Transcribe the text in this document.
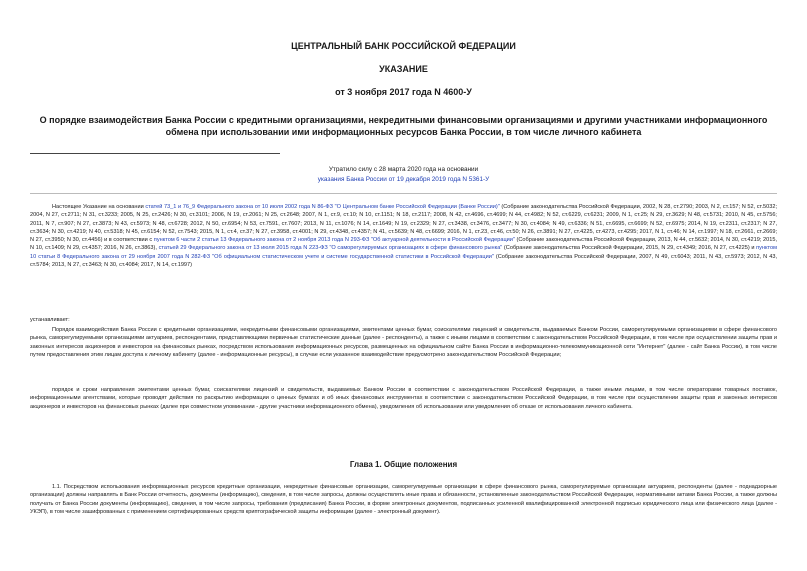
ЦЕНТРАЛЬНЫЙ БАНК РОССИЙСКОЙ ФЕДЕРАЦИИ
УКАЗАНИЕ
от 3 ноября 2017 года N 4600-У
О порядке взаимодействия Банка России с кредитными организациями, некредитными финансовыми организациями и другими участниками информационного обмена при использовании ими информационных ресурсов Банка России, в том числе личного кабинета
Утратило силу с 28 марта 2020 года на основании
указания Банка России от 19 декабря 2019 года N 5361-У
Настоящее Указание на основании статей 73_1 и 76_9 Федерального закона от 10 июля 2002 года N 86-ФЗ "О Центральном банке Российской Федерации (Банке России)" (Собрание законодательства Российской Федерации, 2002, N 28, ст.2790; 2003, N 2, ст.157; N 52, ст.5032; 2004, N 27, ст.2711; N 31, ст.3233; 2005, N 25, ст.2426; N 30, ст.3101; 2006, N 19, ст.2061; N 25, ст.2648; 2007, N 1, ст.9, ст.10; N 10, ст.1151; N 18, ст.2117; 2008, N 42, ст.4696, ст.4699; N 44, ст.4982; N 52, ст.6229, ст.6231; 2009, N 1, ст.25; N 29, ст.3629; N 48, ст.5731; 2010, N 45, ст.5756; 2011, N 7, ст.907; N 27, ст.3873; N 43, ст.5973; N 48, ст.6728; 2012, N 50, ст.6954; N 53, ст.7591, ст.7607; 2013, N 11, ст.1076; N 14, ст.1649; N 19, ст.2329; N 27, ст.3438, ст.3476, ст.3477; N 30, ст.4084; N 49, ст.6336; N 51, ст.6695, ст.6699; N 52, ст.6975; 2014, N 19, ст.2311, ст.2317; N 27, ст.3634; N 30, ст.4219; N 40, ст.5318; N 45, ст.6154; N 52, ст.7543; 2015, N 1, ст.4, ст.37; N 27, ст.3958, ст.4001; N 29, ст.4348, ст.4357; N 41, ст.5639; N 48, ст.6699; 2016, N 1, ст.23, ст.46, ст.50; N 26, ст.3891; N 27, ст.4225, ст.4273, ст.4295; 2017, N 1, ст.46; N 14, ст.1997; N 18, ст.2661, ст.2669; N 27, ст.3950; N 30, ст.4456) и в соответствии с пунктом 6 части 2 статьи 13 Федерального закона от 2 ноября 2013 года N 293-ФЗ "Об актуарной деятельности в Российской Федерации" (Собрание законодательства Российской Федерации, 2013, N 44, ст.5632; 2014, N 30, ст.4219; 2015, N 10, ст.1409; N 29, ст.4357; 2016, N 26, ст.3863), статьей 29 Федерального закона от 13 июля 2015 года N 223-ФЗ "О саморегулируемых организациях в сфере финансового рынка" (Собрание законодательства Российской Федерации, 2015, N 29, ст.4349; 2016, N 27, ст.4225) и пунктом 10 статьи 8 Федерального закона от 29 ноября 2007 года N 282-ФЗ "Об официальном статистическом учете и системе государственной статистики в Российской Федерации" (Собрание законодательства Российской Федерации, 2007, N 49, ст.6043; 2011, N 43, ст.5973; 2012, N 43, ст.5784; 2013, N 27, ст.3463; N 30, ст.4084; 2017, N 14, ст.1997)
устанавливает:
Порядок взаимодействия Банка России с кредитными организациями, некредитными финансовыми организациями, эмитентами ценных бумаг, соискателями лицензий и свидетельств, выдаваемых Банком России, саморегулируемыми организациями в сфере финансового рынка, саморегулируемыми организациями актуариев, респондентами, представляющими первичные статистические данные (далее - респонденты), а также с иными лицами в соответствии с законодательством Российской Федерации, в том числе при осуществлении защиты прав и законных интересов акционеров и инвесторов на финансовых рынках, посредством использования информационных ресурсов, размещенных на официальном сайте Банка России в информационно-телекоммуникационной сети "Интернет" (далее - сайт Банка России), в том числе путем предоставления этим лицам доступа к личному кабинету (далее - информационные ресурсы), в случае если указанное взаимодействие предусмотрено законодательством Российской Федерации;
порядок и сроки направления эмитентами ценных бумаг, соискателями лицензий и свидетельств, выдаваемых Банком России в соответствии с законодательством Российской Федерации, а также иными лицами, в том числе операторами товарных поставок, информационными агентствами, которые проводят действия по раскрытию информации о ценных бумагах и об иных финансовых инструментах в соответствии с законодательством Российской Федерации, в том числе при осуществлении защиты прав и законных интересов акционеров и инвесторов на финансовых рынках (далее при совместном упоминании - другие участники информационного обмена), уведомления об использовании или уведомления об отказе от использования личного кабинета.
Глава 1. Общие положения
1.1. Посредством использования информационных ресурсов кредитные организации, некредитные финансовые организации, саморегулируемые организации в сфере финансового рынка, саморегулируемые организации актуариев, респонденты (далее - поднадзорные организации) должны направлять в Банк России отчетность, документы (информацию), сведения, в том числе запросы, должны осуществлять иные права и обязанности, установленные законодательством Российской Федерации, нормативными актами Банка России, а также должны получать от Банка России документы (информацию), сведения, в том числе запросы, требования (предписания) Банка России, в форме электронных документов, подписанных усиленной квалифицированной электронной подписью юридического лица или физического лица (далее - УКЭП), в том числе зашифрованных с применением сертифицированных средств криптографической защиты информации (далее - электронный документ).
